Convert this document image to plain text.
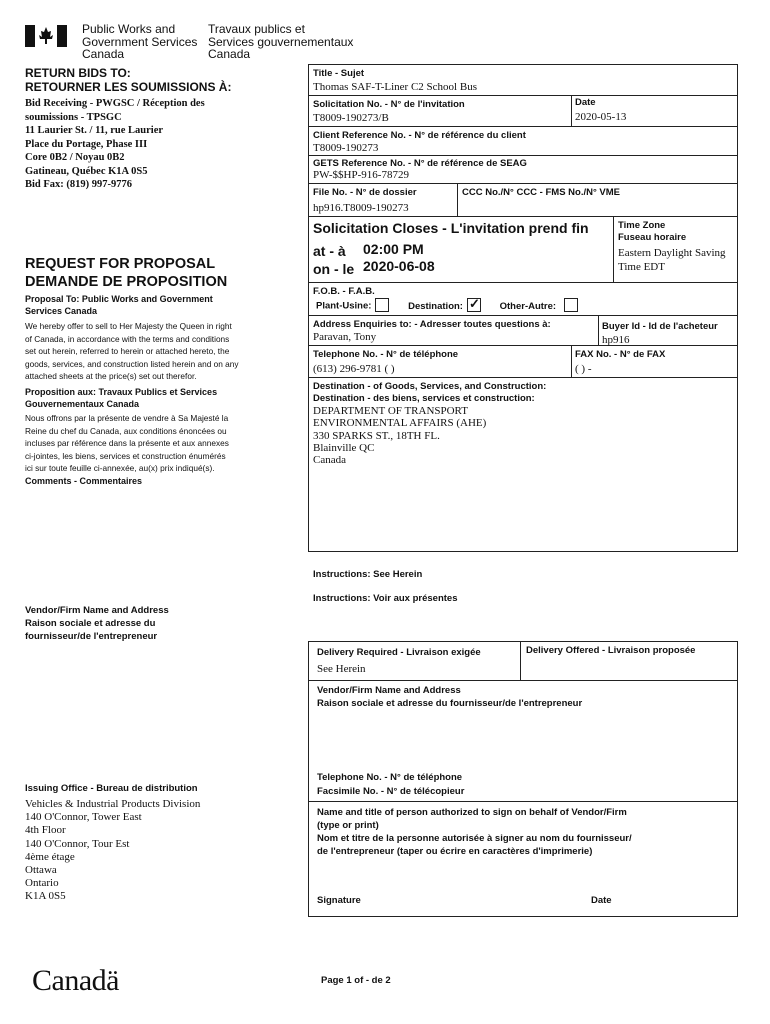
Public Works and
Government Services
Canada
Travaux publics et
Services gouvernementaux
Canada
RETURN BIDS TO:
RETOURNER LES SOUMISSIONS À:
Bid Receiving - PWGSC / Réception des
soumissions - TPSGC
11 Laurier St. / 11, rue Laurier
Place du Portage, Phase III
Core 0B2 / Noyau 0B2
Gatineau, Québec K1A 0S5
Bid Fax: (819) 997-9776
REQUEST FOR PROPOSAL
DEMANDE DE PROPOSITION
Proposal To: Public Works and Government
Services Canada
We hereby offer to sell to Her Majesty the Queen in right
of Canada, in accordance with the terms and conditions
set out herein, referred to herein or attached hereto, the
goods, services, and construction listed herein and on any
attached sheets at the price(s) set out therefor.
Proposition aux: Travaux Publics et Services
Gouvernementaux Canada
Nous offrons par la présente de vendre à Sa Majesté la
Reine du chef du Canada, aux conditions énoncées ou
incluses par référence dans la présente et aux annexes
ci-jointes, les biens, services et construction énumérés
ici sur toute feuille ci-annexée, au(x) prix indiqué(s).
Comments - Commentaires
Title - Sujet
Thomas SAF-T-Liner C2 School Bus
Solicitation No. - N° de l'invitation
T8009-190273/B
Date
2020-05-13
Client Reference No. - N° de référence du client
T8009-190273
GETS Reference No. - N° de référence de SEAG
PW-$$HP-916-78729
File No. - N° de dossier
hp916.T8009-190273
CCC No./N° CCC - FMS No./N° VME
Solicitation Closes - L'invitation prend fin
at - à 02:00 PM
on - le 2020-06-08
Time Zone
Fuseau horaire
Eastern Daylight Saving
Time EDT
F.O.B. - F.A.B.
Plant-Usine:	Destination: ✓ Other-Autre:
Address Enquiries to: - Adresser toutes questions à:
Paravan, Tony
Buyer Id - Id de l'acheteur
hp916
Telephone No. - N° de téléphone
(613) 296-9781 ( )
FAX No. - N° de FAX
( ) -
Destination - of Goods, Services, and Construction:
Destination - des biens, services et construction:
DEPARTMENT OF TRANSPORT
ENVIRONMENTAL AFFAIRS (AHE)
330 SPARKS ST., 18TH FL.
Blainville QC
Canada
Instructions: See Herein
Instructions: Voir aux présentes
Vendor/Firm Name and Address
Raison sociale et adresse du
fournisseur/de l'entrepreneur
Issuing Office - Bureau de distribution
Vehicles & Industrial Products Division
140 O'Connor, Tower East
4th Floor
140 O'Connor, Tour Est
4ème étage
Ottawa
Ontario
K1A 0S5
Delivery Required - Livraison exigée
See Herein
Delivery Offered - Livraison proposée
Vendor/Firm Name and Address
Raison sociale et adresse du fournisseur/de l'entrepreneur
Telephone No. - N° de téléphone
Facsimile No. - N° de télécopieur
Name and title of person authorized to sign on behalf of Vendor/Firm
(type or print)
Nom et titre de la personne autorisée à signer au nom du fournisseur/
de l'entrepreneur (taper ou écrire en caractères d'imprimerie)
Signature	Date
Canadä	Page 1 of - de 2
